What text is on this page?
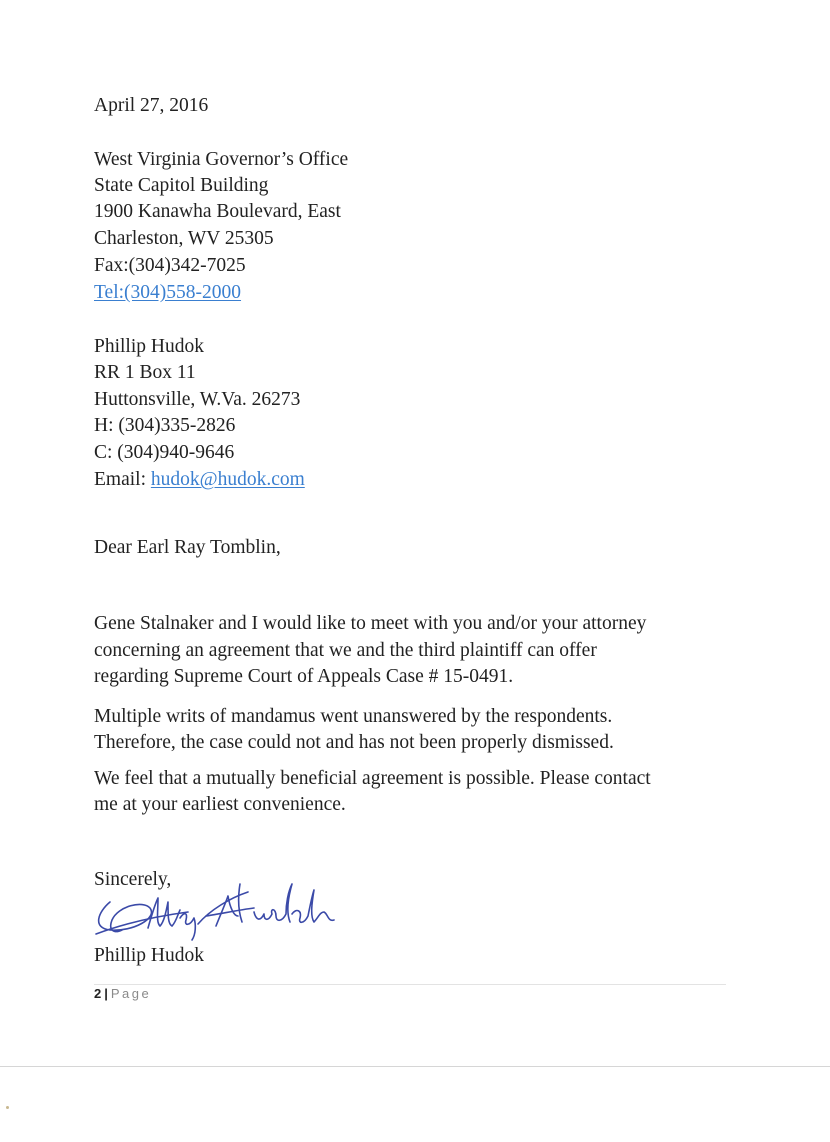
April 27, 2016

West Virginia Governor’s Office

State Capitol Building

1900 Kanawha Boulevard, East

Charleston, WV 25305

Fax:(304)342-7025

Tel:(304)558-2000

Phillip Hudok

RR 1 Box 11

Huttonsville, W.Va. 26273

H: (304)335-2826

C: (304)940-9646

Email: hudok@hudok.com

Dear Earl Ray Tomblin,

Gene Stalnaker and I would like to meet with you and/or your attorney

concerning an agreement that we and the third plaintiff can offer

regarding Supreme Court of Appeals Case # 15-0491.

Multiple writs of mandamus went unanswered by the respondents.

Therefore, the case could not and has not been properly dismissed.

We feel that a mutually beneficial agreement is possible. Please contact

me at your earliest convenience.

Sincerely,

Phillip Hudok

2 | Page
